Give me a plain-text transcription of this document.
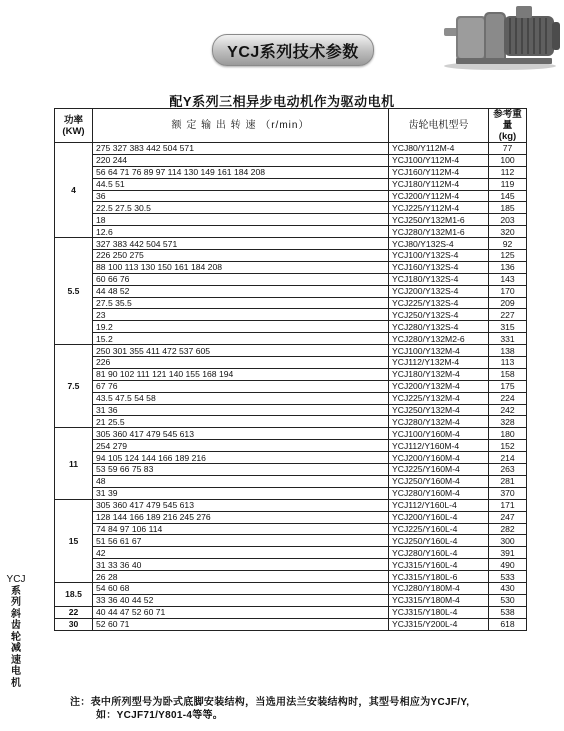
YCJ系列技术参数
配Y系列三相异步电动机作为驱动电机
功率
(KW)	额 定 输 出 转 速 （r/min）	齿轮电机型号	参考重量
(kg)
4	275 327 383 442 504 571	YCJ80/Y112M-4	77
	220 244	YCJ100/Y112M-4	100
	56 64 71 76 89 97 114 130 149 161 184 208	YCJ160/Y112M-4	112
	44.5 51	YCJ180/Y112M-4	119
	36	YCJ200/Y112M-4	145
	22.5 27.5 30.5	YCJ225/Y112M-4	185
	18	YCJ250/Y132M1-6	203
	12.6	YCJ280/Y132M1-6	320
5.5	327 383 442 504 571	YCJ80/Y132S-4	92
	226 250 275	YCJ100/Y132S-4	125
	88 100 113 130 150 161 184 208	YCJ160/Y132S-4	136
	60 66 76	YCJ180/Y132S-4	143
	44 48 52	YCJ200/Y132S-4	170
	27.5 35.5	YCJ225/Y132S-4	209
	23	YCJ250/Y132S-4	227
	19.2	YCJ280/Y132S-4	315
	15.2	YCJ280/Y132M2-6	331
7.5	250 301 355 411 472 537 605	YCJ100/Y132M-4	138
	226	YCJ112/Y132M-4	113
	81 90 102 111 121 140 155 168 194	YCJ180/Y132M-4	158
	67 76	YCJ200/Y132M-4	175
	43.5 47.5 54 58	YCJ225/Y132M-4	224
	31 36	YCJ250/Y132M-4	242
	21 25.5	YCJ280/Y132M-4	328
11	305 360 417 479 545 613	YCJ100/Y160M-4	180
	254 279	YCJ112/Y160M-4	152
	94 105 124 144 166 189 216	YCJ200/Y160M-4	214
	53 59 66 75 83	YCJ225/Y160M-4	263
	48	YCJ250/Y160M-4	281
	31 39	YCJ280/Y160M-4	370
15	305 360 417 479 545 613	YCJ112/Y160L-4	171
	128 144 166 189 216 245 276	YCJ200/Y160L-4	247
	74 84 97 106 114	YCJ225/Y160L-4	282
	51 56 61 67	YCJ250/Y160L-4	300
	42	YCJ280/Y160L-4	391
	31 33 36 40	YCJ315/Y160L-4	490
	26 28	YCJ315/Y180L-6	533
18.5	54 60 68	YCJ280/Y180M-4	430
	33 36 40 44 52	YCJ315/Y180M-4	530
22	40 44 47 52 60 71	YCJ315/Y180L-4	538
30	52 60 71	YCJ315/Y200L-4	618
YCJ
系
列
斜
齿
轮
减
速
电
机
注：表中所列型号为卧式底脚安装结构，当选用法兰安装结构时，其型号相应为YCJF/Y,
如：YCJF71/Y801-4等等。
